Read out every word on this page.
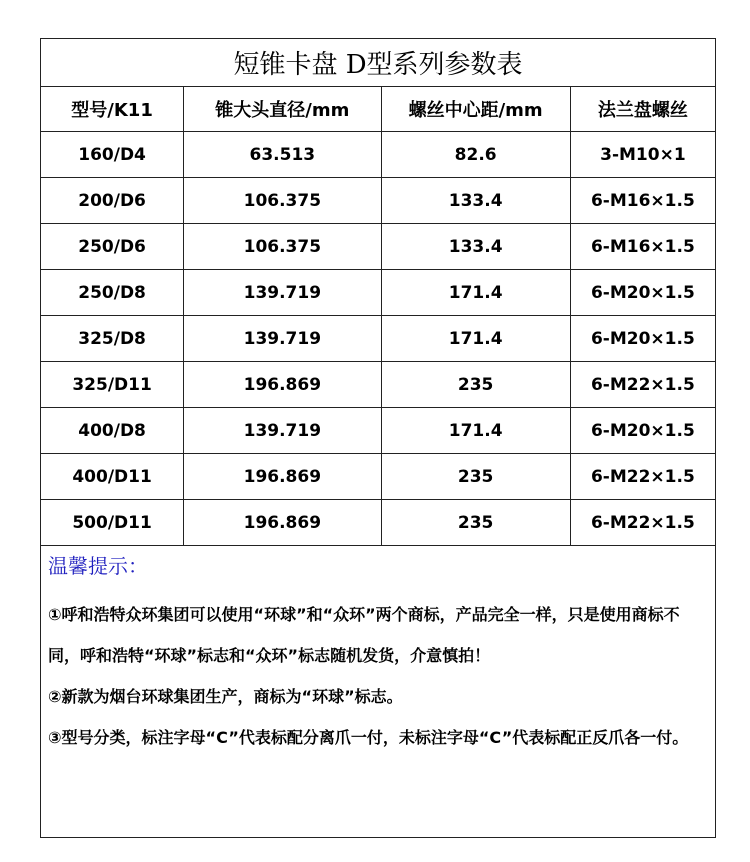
短锥卡盘 D型系列参数表			
型号/K11	锥大头直径/mm	螺丝中心距/mm	法兰盘螺丝
160/D4	63.513	82.6	3-M10×1
200/D6	106.375	133.4	6-M16×1.5
250/D6	106.375	133.4	6-M16×1.5
250/D8	139.719	171.4	6-M20×1.5
325/D8	139.719	171.4	6-M20×1.5
325/D11	196.869	235	6-M22×1.5
400/D8	139.719	171.4	6-M20×1.5
400/D11	196.869	235	6-M22×1.5
500/D11	196.869	235	6-M22×1.5

温馨提示：

①呼和浩特众环集团可以使用“环球”和“众环”两个商标，产品完全一样，只是使用商标不同，呼和浩特“环球”标志和“众环”标志随机发货，介意慎拍！

②新款为烟台环球集团生产，商标为“环球”标志。

③型号分类，标注字母“C”代表标配分离爪一付，未标注字母“C”代表标配正反爪各一付。
